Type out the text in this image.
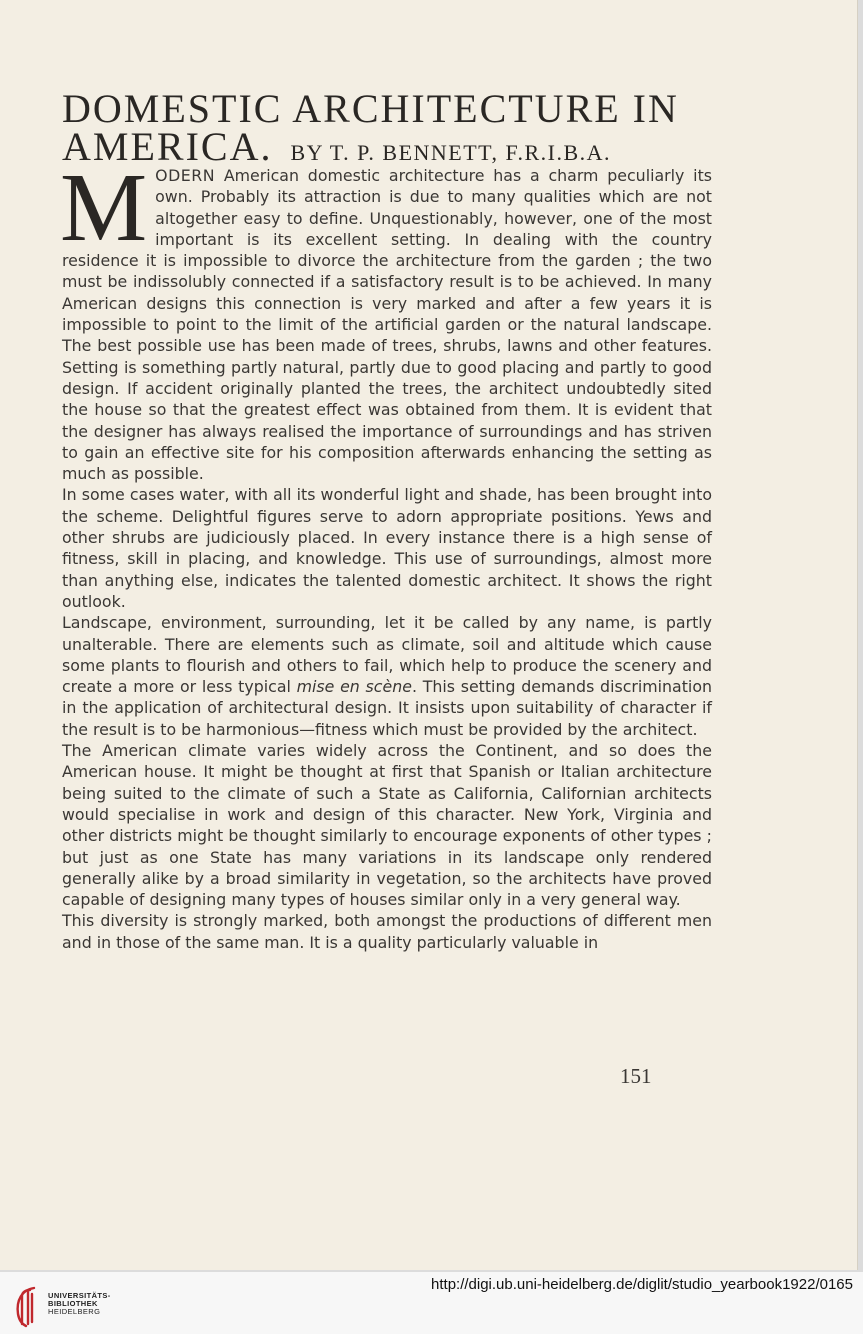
DOMESTIC ARCHITECTURE IN
AMERICA. BY T. P. BENNETT, F.R.I.B.A.

MODERN American domestic architecture has a charm peculiarly its own. Probably its attraction is due to many qualities which are not altogether easy to define. Unquestionably, however, one of the most important is its excellent setting. In dealing with the country residence it is impossible to divorce the architecture from the garden ; the two must be indissolubly connected if a satisfactory result is to be achieved. In many American designs this connection is very marked and after a few years it is impossible to point to the limit of the artificial garden or the natural landscape. The best possible use has been made of trees, shrubs, lawns and other features. Setting is something partly natural, partly due to good placing and partly to good design. If accident originally planted the trees, the architect undoubtedly sited the house so that the greatest effect was obtained from them. It is evident that the designer has always realised the importance of surroundings and has striven to gain an effective site for his composition afterwards enhancing the setting as much as possible.

In some cases water, with all its wonderful light and shade, has been brought into the scheme. Delightful figures serve to adorn appropriate positions. Yews and other shrubs are judiciously placed. In every instance there is a high sense of fitness, skill in placing, and knowledge. This use of surroundings, almost more than anything else, indicates the talented domestic architect. It shows the right outlook.

Landscape, environment, surrounding, let it be called by any name, is partly unalterable. There are elements such as climate, soil and altitude which cause some plants to flourish and others to fail, which help to produce the scenery and create a more or less typical mise en scène. This setting demands discrimination in the application of architectural design. It insists upon suitability of character if the result is to be harmonious—fitness which must be provided by the architect.

The American climate varies widely across the Continent, and so does the American house. It might be thought at first that Spanish or Italian architecture being suited to the climate of such a State as California, Californian architects would specialise in work and design of this character. New York, Virginia and other districts might be thought similarly to encourage exponents of other types ; but just as one State has many variations in its landscape only rendered generally alike by a broad similarity in vegetation, so the architects have proved capable of designing many types of houses similar only in a very general way.

This diversity is strongly marked, both amongst the productions of different men and in those of the same man. It is a quality particularly valuable in

151
UNIVERSITÄTS-
BIBLIOTHEK
HEIDELBERG
http://digi.ub.uni-heidelberg.de/diglit/studio_yearbook1922/0165
